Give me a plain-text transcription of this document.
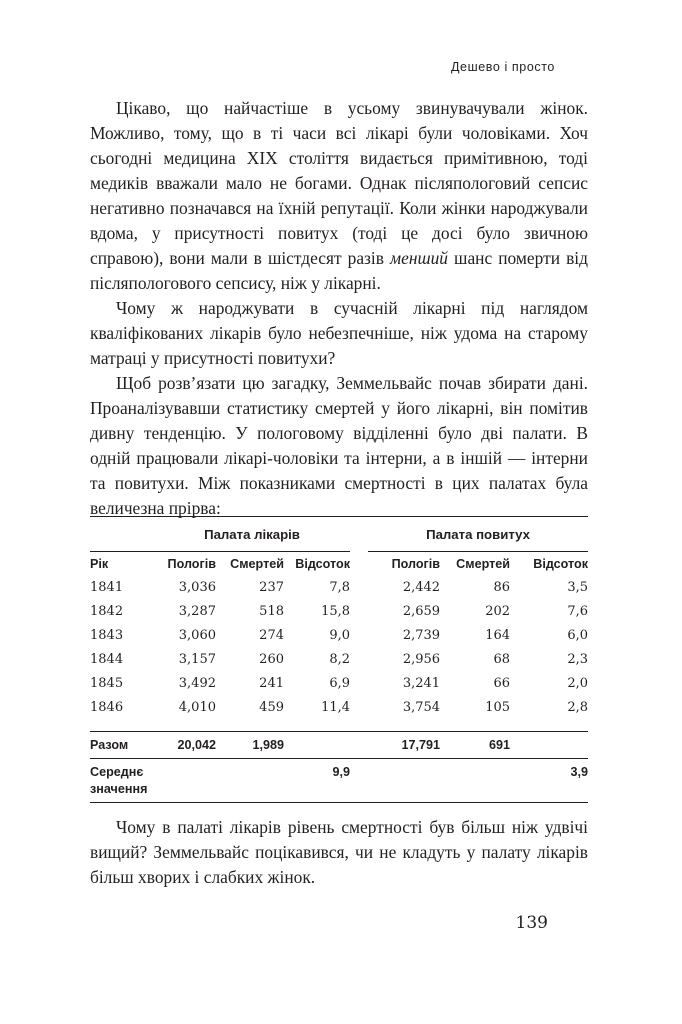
Дешево і просто

Цікаво, що найчастіше в усьому звинувачували жінок. Можливо, тому, що в ті часи всі лікарі були чоловіками. Хоч сьогодні медицина XIX століття видається примітивною, тоді медиків вважали мало не богами. Однак післяпологовий сепсис негативно позначався на їхній репутації. Коли жінки народжували вдома, у присутності повитух (тоді це досі було звичною справою), вони мали в шістдесят разів менший шанс померти від післяпологового сепсису, ніж у лікарні.

Чому ж народжувати в сучасній лікарні під наглядом кваліфікованих лікарів було небезпечніше, ніж удома на старому матраці у присутності повитухи?

Щоб розв’язати цю загадку, Земмельвайс почав збирати дані. Проаналізувавши статистику смертей у його лікарні, він помітив дивну тенденцію. У пологовому відділенні було дві палати. В одній працювали лікарі-чоловіки та інтерни, а в іншій — інтерни та повитухи. Між показниками смертності в цих палатах була величезна прірва:

	Палата лікарів				Палата повитух		
Рік	Пологів	Смертей	Відсоток		Пологів	Смертей	Відсоток
1841	3,036	237	7,8		2,442	86	3,5
1842	3,287	518	15,8		2,659	202	7,6
1843	3,060	274	9,0		2,739	164	6,0
1844	3,157	260	8,2		2,956	68	2,3
1845	3,492	241	6,9		3,241	66	2,0
1846	4,010	459	11,4		3,754	105	2,8

Разом	20,042	1,989			17,791	691	
Середнє значення			9,9				3,9

Чому в палаті лікарів рівень смертності був більш ніж удвічі вищий? Земмельвайс поцікавився, чи не кладуть у палату лікарів більш хворих і слабких жінок.

139
